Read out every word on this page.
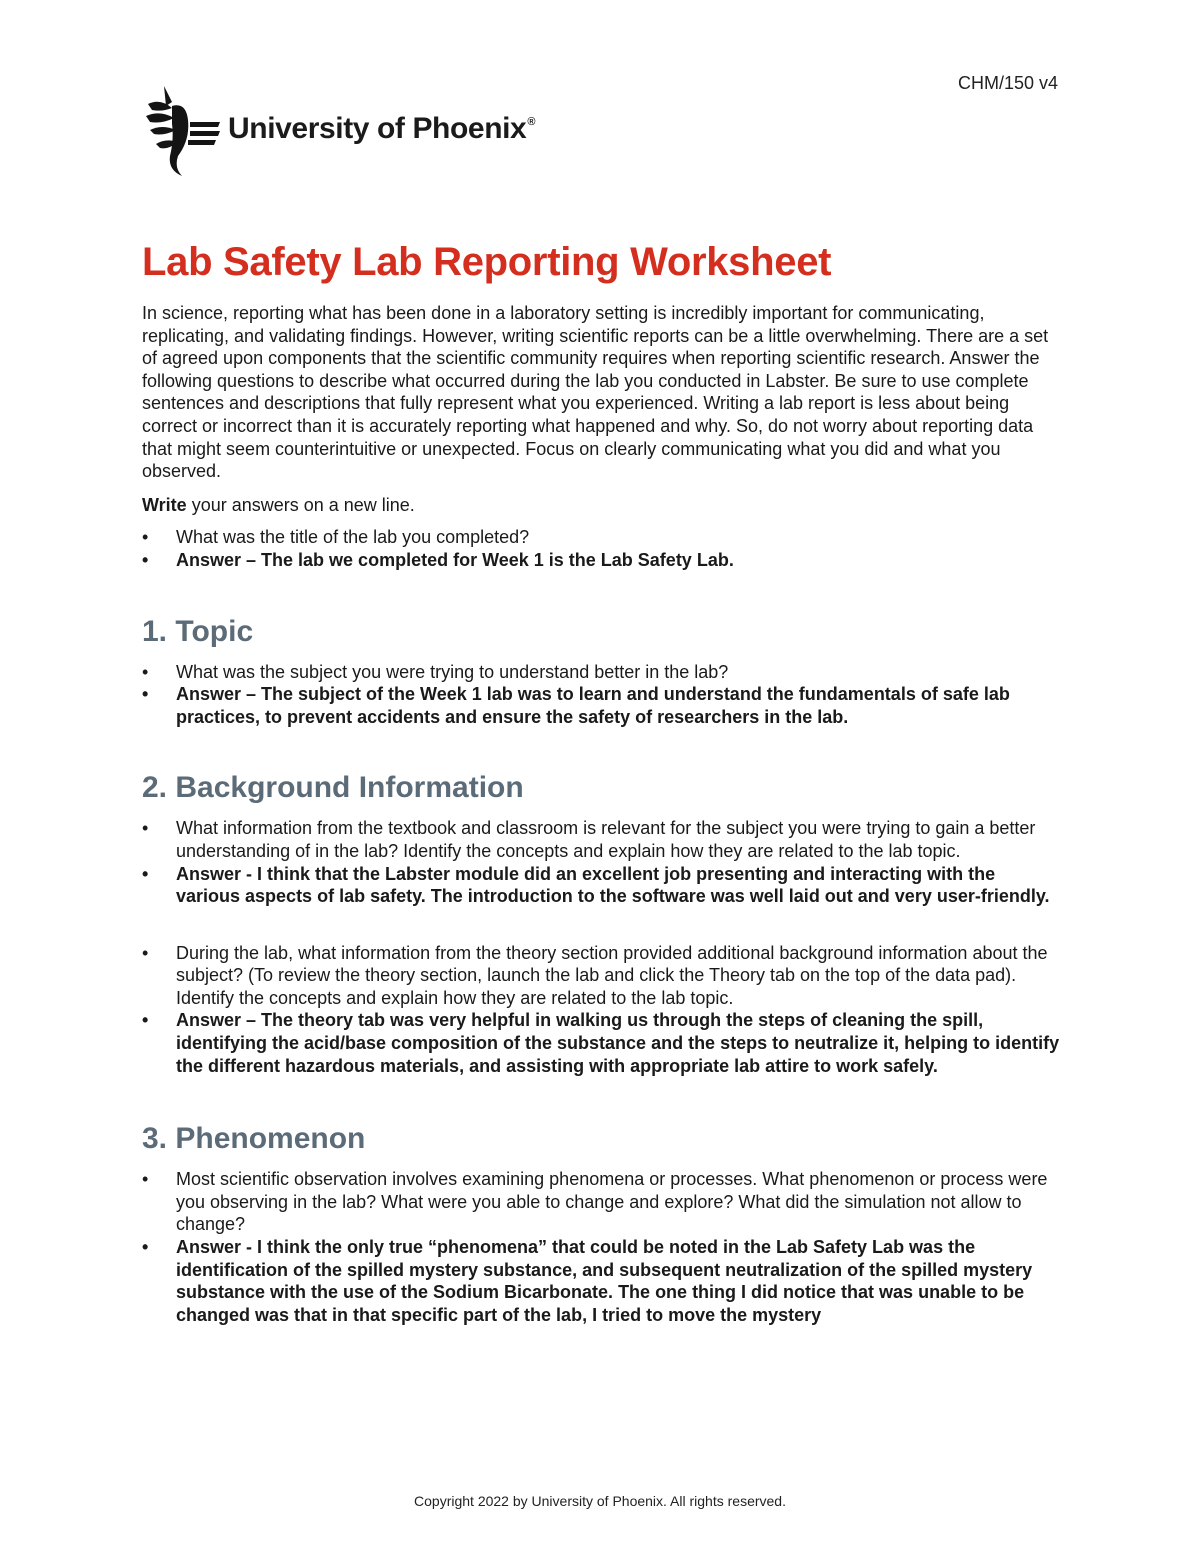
CHM/150 v4
University of Phoenix®
Lab Safety Lab Reporting Worksheet

In science, reporting what has been done in a laboratory setting is incredibly important for communicating, replicating, and validating findings. However, writing scientific reports can be a little overwhelming. There are a set of agreed upon components that the scientific community requires when reporting scientific research. Answer the following questions to describe what occurred during the lab you conducted in Labster. Be sure to use complete sentences and descriptions that fully represent what you experienced. Writing a lab report is less about being correct or incorrect than it is accurately reporting what happened and why. So, do not worry about reporting data that might seem counterintuitive or unexpected. Focus on clearly communicating what you did and what you observed.

Write your answers on a new line.

• What was the title of the lab you completed?
• Answer – The lab we completed for Week 1 is the Lab Safety Lab.
1. Topic
• What was the subject you were trying to understand better in the lab?
• Answer – The subject of the Week 1 lab was to learn and understand the fundamentals of safe lab practices, to prevent accidents and ensure the safety of researchers in the lab.
2. Background Information
• What information from the textbook and classroom is relevant for the subject you were trying to gain a better understanding of in the lab? Identify the concepts and explain how they are related to the lab topic.
• Answer - I think that the Labster module did an excellent job presenting and interacting with the various aspects of lab safety. The introduction to the software was well laid out and very user-friendly.
• During the lab, what information from the theory section provided additional background information about the subject? (To review the theory section, launch the lab and click the Theory tab on the top of the data pad). Identify the concepts and explain how they are related to the lab topic.
• Answer – The theory tab was very helpful in walking us through the steps of cleaning the spill, identifying the acid/base composition of the substance and the steps to neutralize it, helping to identify the different hazardous materials, and assisting with appropriate lab attire to work safely.
3. Phenomenon
• Most scientific observation involves examining phenomena or processes. What phenomenon or process were you observing in the lab? What were you able to change and explore? What did the simulation not allow to change?
• Answer - I think the only true “phenomena” that could be noted in the Lab Safety Lab was the identification of the spilled mystery substance, and subsequent neutralization of the spilled mystery substance with the use of the Sodium Bicarbonate. The one thing I did notice that was unable to be changed was that in that specific part of the lab, I tried to move the mystery
Copyright 2022 by University of Phoenix. All rights reserved.
